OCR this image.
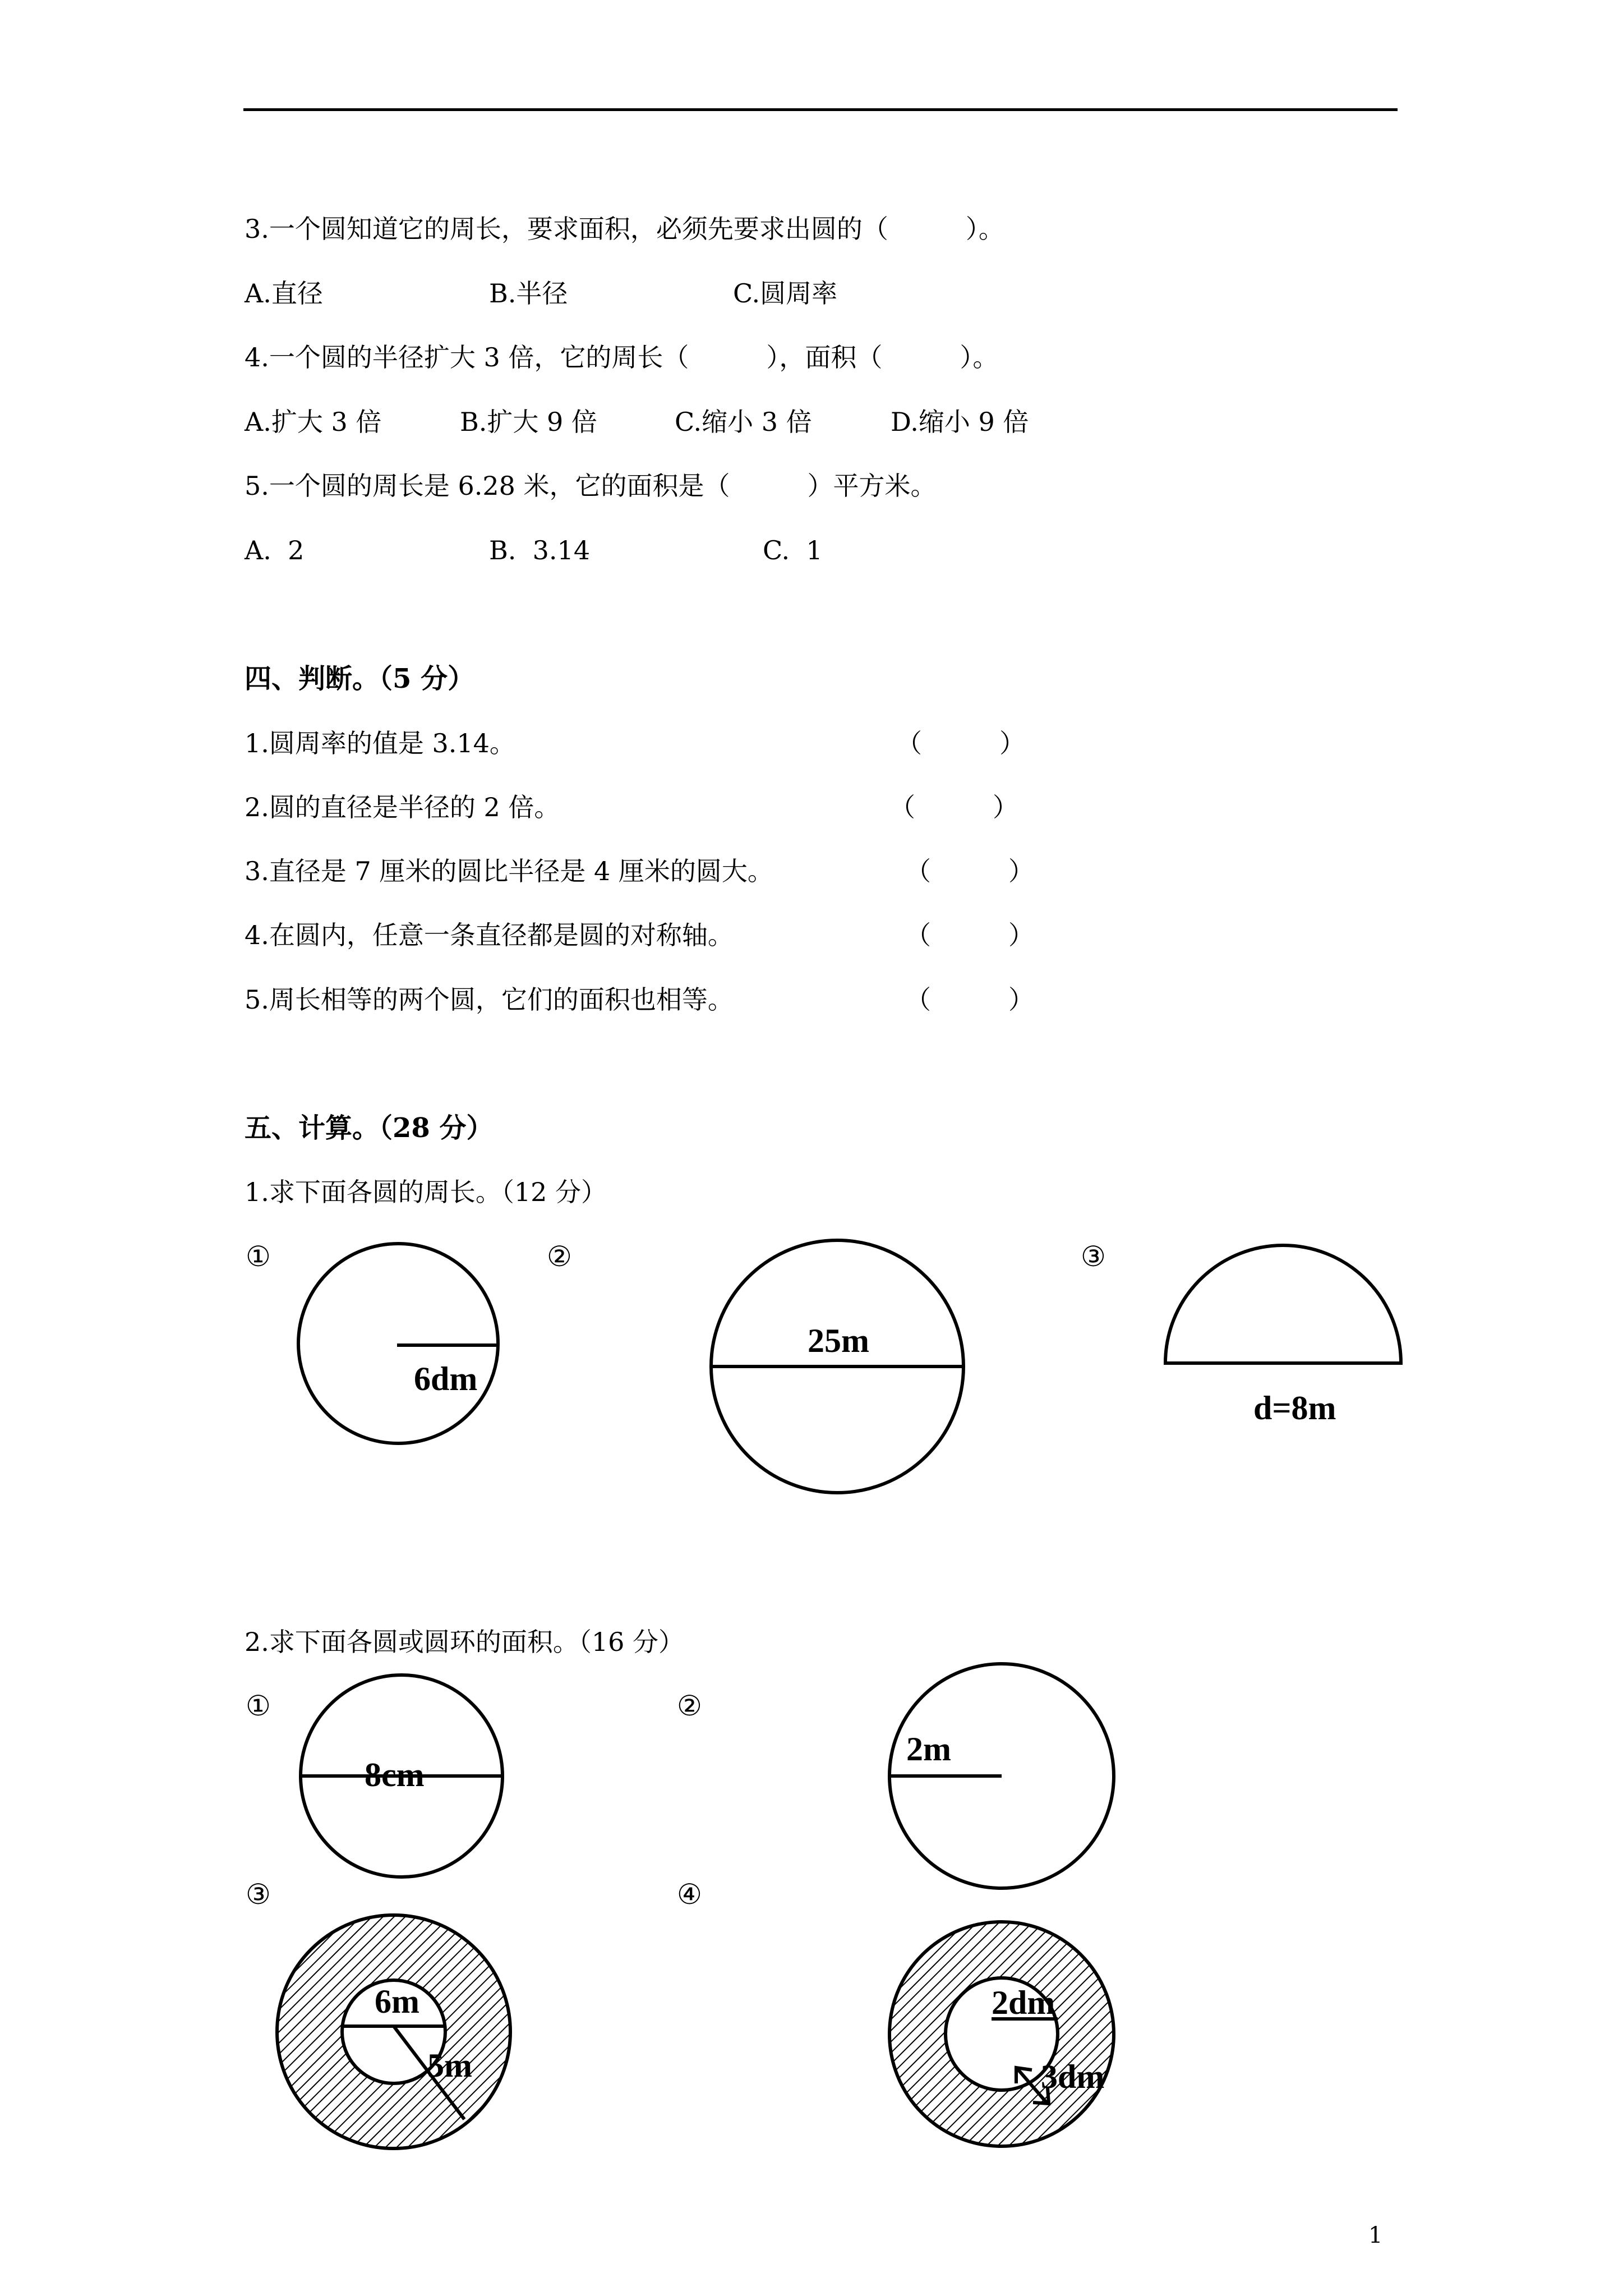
3.一个圆知道它的周长，要求面积，必须先要求出圆的（　　　）。
A.直径	B.半径	C.圆周率
4.一个圆的半径扩大 3 倍，它的周长（　　　），面积（　　　）。
A.扩大 3 倍	B.扩大 9 倍	C.缩小 3 倍	D.缩小 9 倍
5.一个圆的周长是 6.28 米，它的面积是（　　　）平方米。
A.  2	B.  3.14	C.  1
四、判断。（5 分）
1.圆周率的值是 3.14。	（　　　）
2.圆的直径是半径的 2 倍。	（　　　）
3.直径是 7 厘米的圆比半径是 4 厘米的圆大。	（　　　）
4.在圆内，任意一条直径都是圆的对称轴。	（　　　）
5.周长相等的两个圆，它们的面积也相等。	（　　　）
五、计算。（28 分）
1.求下面各圆的周长。（12 分）
①	②	③
2.求下面各圆或圆环的面积。（16 分）
①	②
③	④
1
6dm
25m
d=8m
8cm
2m
6m
5m
2dm
3dm
